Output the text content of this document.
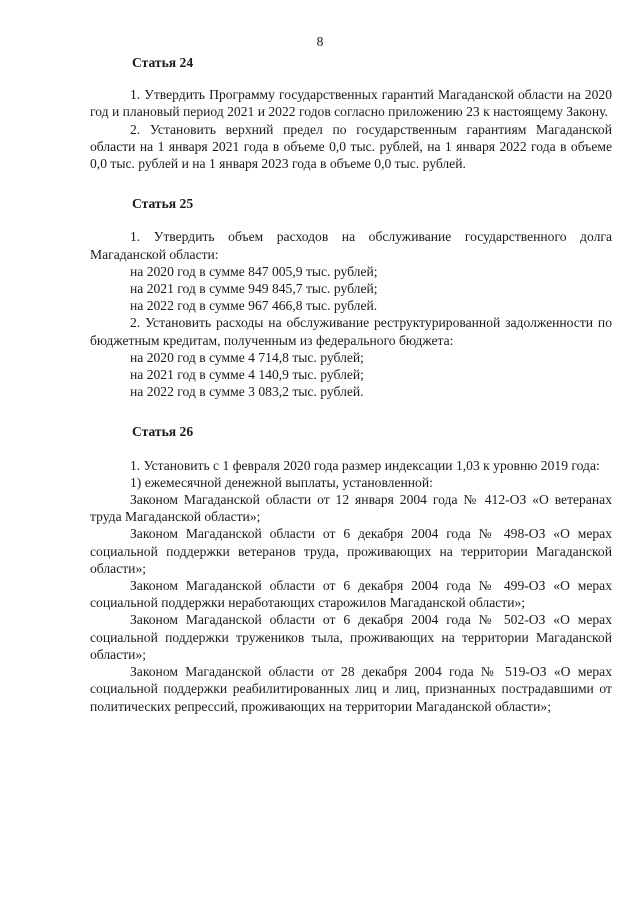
8
Статья 24

1. Утвердить Программу государственных гарантий Магаданской области на 2020 год и плановый период 2021 и 2022 годов согласно приложению 23 к настоящему Закону.

2. Установить верхний предел по государственным гарантиям Магаданской области на 1 января 2021 года в объеме 0,0 тыс. рублей, на 1 января 2022 года в объеме 0,0 тыс. рублей и на 1 января 2023 года в объеме 0,0 тыс. рублей.

Статья 25

1. Утвердить объем расходов на обслуживание государственного долга Магаданской области:

на 2020 год в сумме 847 005,9 тыс. рублей;
на 2021 год в сумме 949 845,7 тыс. рублей;
на 2022 год в сумме 967 466,8 тыс. рублей.

2. Установить расходы на обслуживание реструктурированной задолженности по бюджетным кредитам, полученным из федерального бюджета:

на 2020 год в сумме 4 714,8 тыс. рублей;
на 2021 год в сумме 4 140,9 тыс. рублей;
на 2022 год в сумме 3 083,2 тыс. рублей.
Статья 26

1. Установить с 1 февраля 2020 года размер индексации 1,03 к уровню 2019 года:

1) ежемесячной денежной выплаты, установленной:

Законом Магаданской области от 12 января 2004 года № 412-ОЗ «О ветеранах труда Магаданской области»;

Законом Магаданской области от 6 декабря 2004 года № 498-ОЗ «О мерах социальной поддержки ветеранов труда, проживающих на территории Магаданской области»;

Законом Магаданской области от 6 декабря 2004 года № 499-ОЗ «О мерах социальной поддержки неработающих старожилов Магаданской области»;

Законом Магаданской области от 6 декабря 2004 года № 502-ОЗ «О мерах социальной поддержки тружеников тыла, проживающих на территории Магаданской области»;

Законом Магаданской области от 28 декабря 2004 года № 519-ОЗ «О мерах социальной поддержки реабилитированных лиц и лиц, признанных пострадавшими от политических репрессий, проживающих на территории Магаданской области»;
